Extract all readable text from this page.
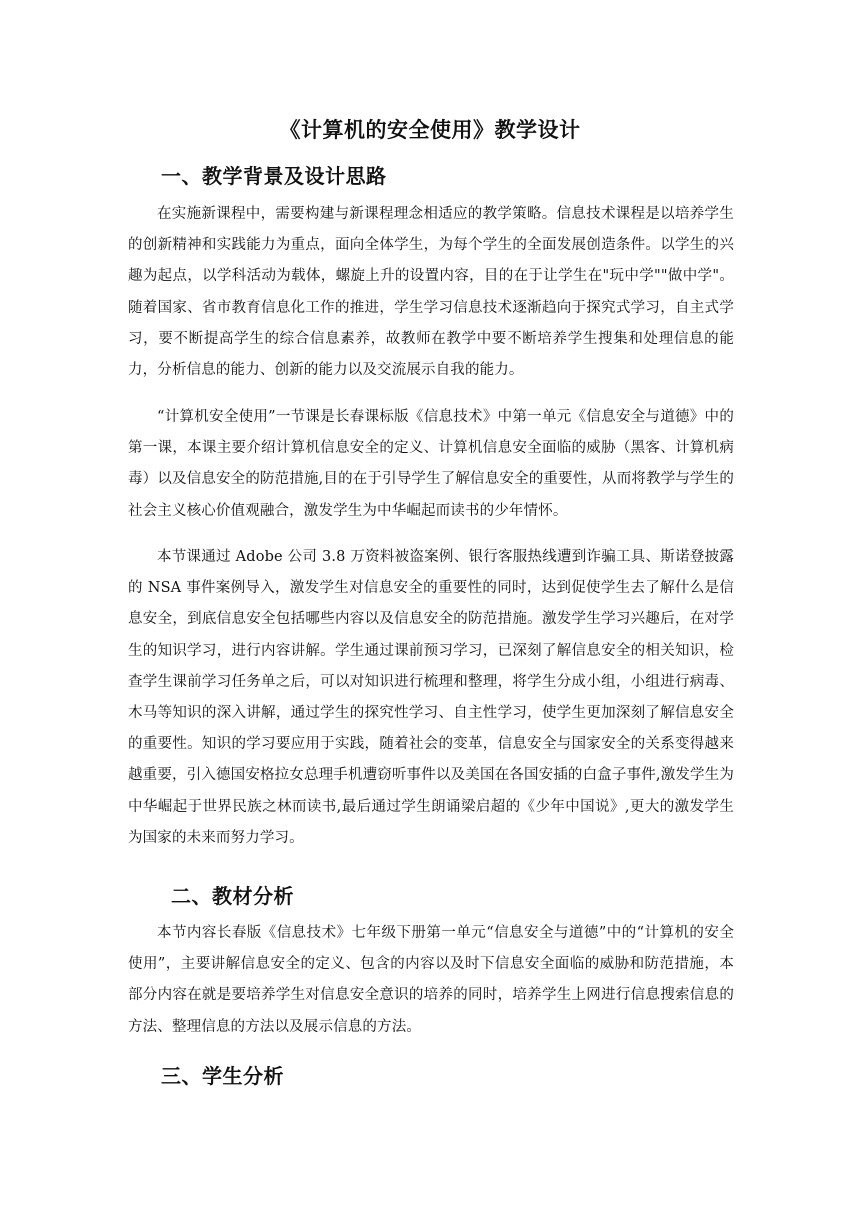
《计算机的安全使用》教学设计
一、教学背景及设计思路

在实施新课程中，需要构建与新课程理念相适应的教学策略。信息技术课程是以培养学生的创新精神和实践能力为重点，面向全体学生，为每个学生的全面发展创造条件。以学生的兴趣为起点，以学科活动为载体，螺旋上升的设置内容，目的在于让学生在"玩中学""做中学"。随着国家、省市教育信息化工作的推进，学生学习信息技术逐渐趋向于探究式学习，自主式学习，要不断提高学生的综合信息素养，故教师在教学中要不断培养学生搜集和处理信息的能力，分析信息的能力、创新的能力以及交流展示自我的能力。

“计算机安全使用”一节课是长春课标版《信息技术》中第一单元《信息安全与道德》中的第一课，本课主要介绍计算机信息安全的定义、计算机信息安全面临的威胁（黑客、计算机病毒）以及信息安全的防范措施,目的在于引导学生了解信息安全的重要性，从而将教学与学生的社会主义核心价值观融合，激发学生为中华崛起而读书的少年情怀。

本节课通过 Adobe 公司 3.8 万资料被盗案例、银行客服热线遭到诈骗工具、斯诺登披露的 NSA 事件案例导入，激发学生对信息安全的重要性的同时，达到促使学生去了解什么是信息安全，到底信息安全包括哪些内容以及信息安全的防范措施。激发学生学习兴趣后，在对学生的知识学习，进行内容讲解。学生通过课前预习学习，已深刻了解信息安全的相关知识，检查学生课前学习任务单之后，可以对知识进行梳理和整理，将学生分成小组，小组进行病毒、木马等知识的深入讲解，通过学生的探究性学习、自主性学习，使学生更加深刻了解信息安全的重要性。知识的学习要应用于实践，随着社会的变革，信息安全与国家安全的关系变得越来越重要，引入德国安格拉女总理手机遭窃听事件以及美国在各国安插的白盒子事件,激发学生为中华崛起于世界民族之林而读书,最后通过学生朗诵梁启超的《少年中国说》,更大的激发学生为国家的未来而努力学习。

二、教材分析

本节内容长春版《信息技术》七年级下册第一单元“信息安全与道德”中的“计算机的安全使用”，主要讲解信息安全的定义、包含的内容以及时下信息安全面临的威胁和防范措施，本部分内容在就是要培养学生对信息安全意识的培养的同时，培养学生上网进行信息搜索信息的方法、整理信息的方法以及展示信息的方法。

三、学生分析
